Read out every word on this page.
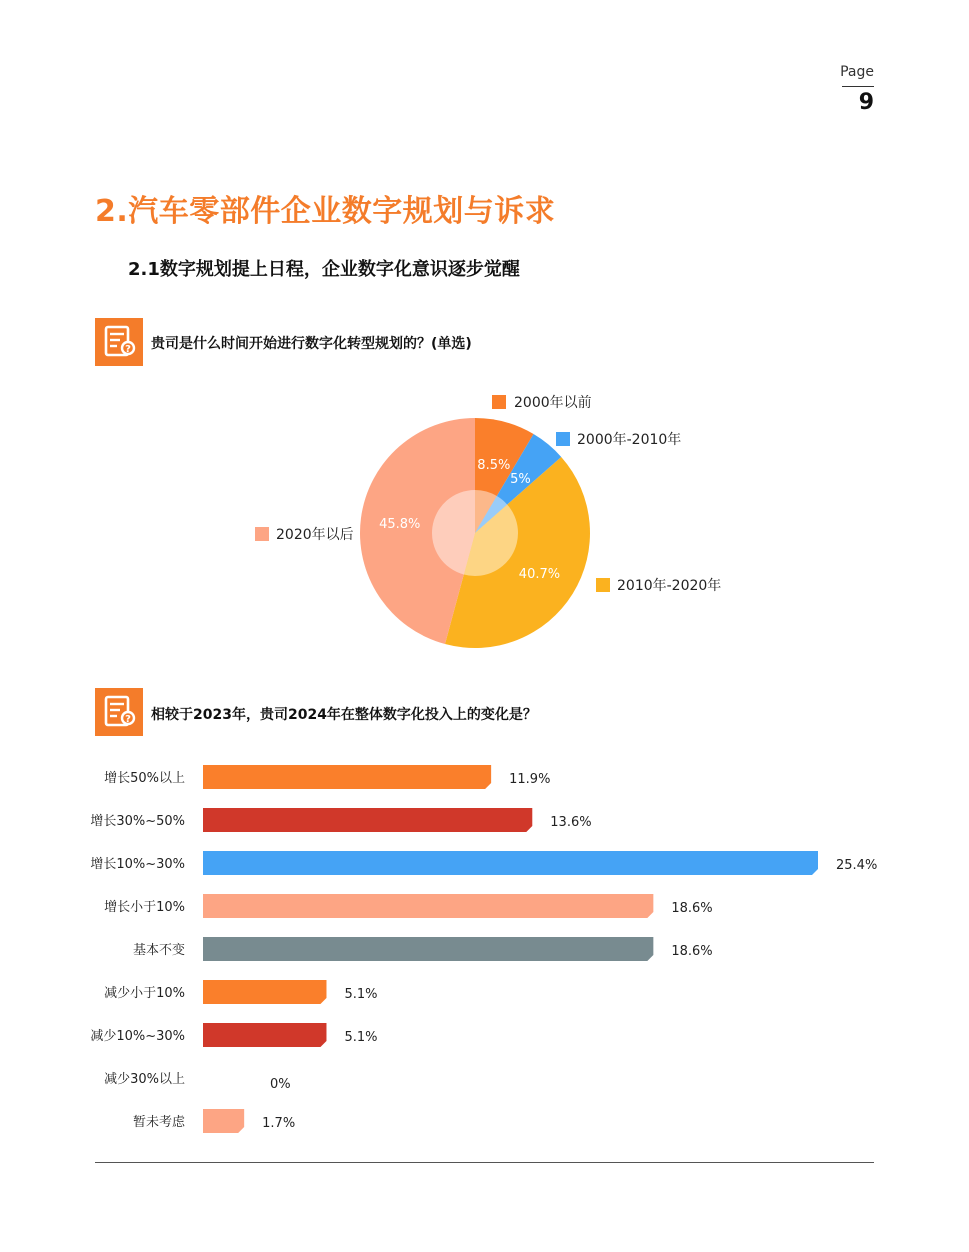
Page
9
2.汽车零部件企业数字规划与诉求
2.1数字规划提上日程，企业数字化意识逐步觉醒
? 贵司是什么时间开始进行数字化转型规划的？(单选)
? 相较于2023年，贵司2024年在整体数字化投入上的变化是？
8.5%
2000年以前
5%
2000年-2010年
40.7%
2010年-2020年
45.8%
2020年以后
增长50%以上	11.9%
增长30%~50%	13.6%
增长10%~30%	25.4%
增长小于10%	18.6%
基本不变	18.6%
减少小于10%	5.1%
减少10%~30%	5.1%
减少30%以上	0%
暂未考虑	1.7%
